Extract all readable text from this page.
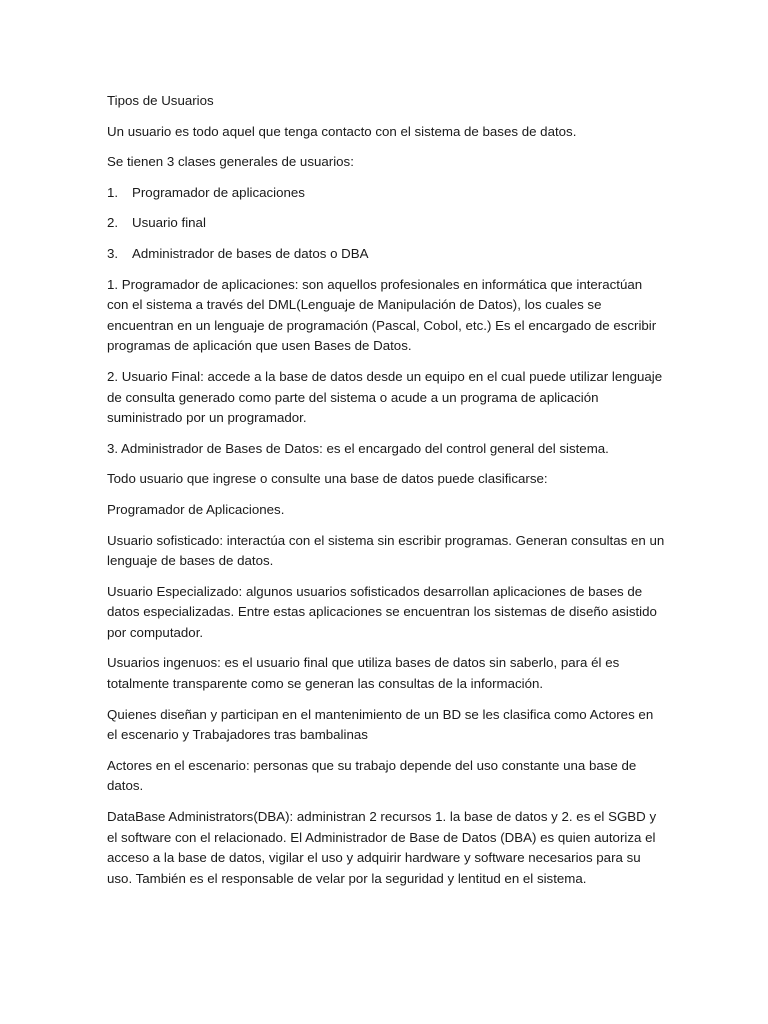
Tipos de Usuarios

Un usuario es todo aquel que tenga contacto con el sistema de bases de datos.

Se tienen 3 clases generales de usuarios:

1.	Programador de aplicaciones
2.	Usuario final
3.	Administrador de bases de datos o DBA

1. Programador de aplicaciones: son aquellos profesionales en informática que interactúan con el sistema a través del DML(Lenguaje de Manipulación de Datos), los cuales se encuentran en un lenguaje de programación (Pascal, Cobol, etc.) Es el encargado de escribir programas de aplicación que usen Bases de Datos.

2. Usuario Final: accede a la base de datos desde un equipo en el cual puede utilizar lenguaje de consulta generado como parte del sistema o acude a un programa de aplicación suministrado por un programador.

3. Administrador de Bases de Datos: es el encargado del control general del sistema.

Todo usuario que ingrese o consulte una base de datos puede clasificarse:

Programador de Aplicaciones.

Usuario sofisticado: interactúa con el sistema sin escribir programas. Generan consultas en un lenguaje de bases de datos.

Usuario Especializado: algunos usuarios sofisticados desarrollan aplicaciones de bases de datos especializadas. Entre estas aplicaciones se encuentran los sistemas de diseño asistido por computador.

Usuarios ingenuos: es el usuario final que utiliza bases de datos sin saberlo, para él es totalmente transparente como se generan las consultas de la información.

Quienes diseñan y participan en el mantenimiento de un BD se les clasifica como Actores en el escenario y Trabajadores tras bambalinas

Actores en el escenario: personas que su trabajo depende del uso constante una base de datos.

DataBase Administrators(DBA): administran 2 recursos 1. la base de datos y 2. es el SGBD y el software con el relacionado. El Administrador de Base de Datos (DBA) es quien autoriza el acceso a la base de datos, vigilar el uso y adquirir hardware y software necesarios para su uso. También es el responsable de velar por la seguridad y lentitud en el sistema.
